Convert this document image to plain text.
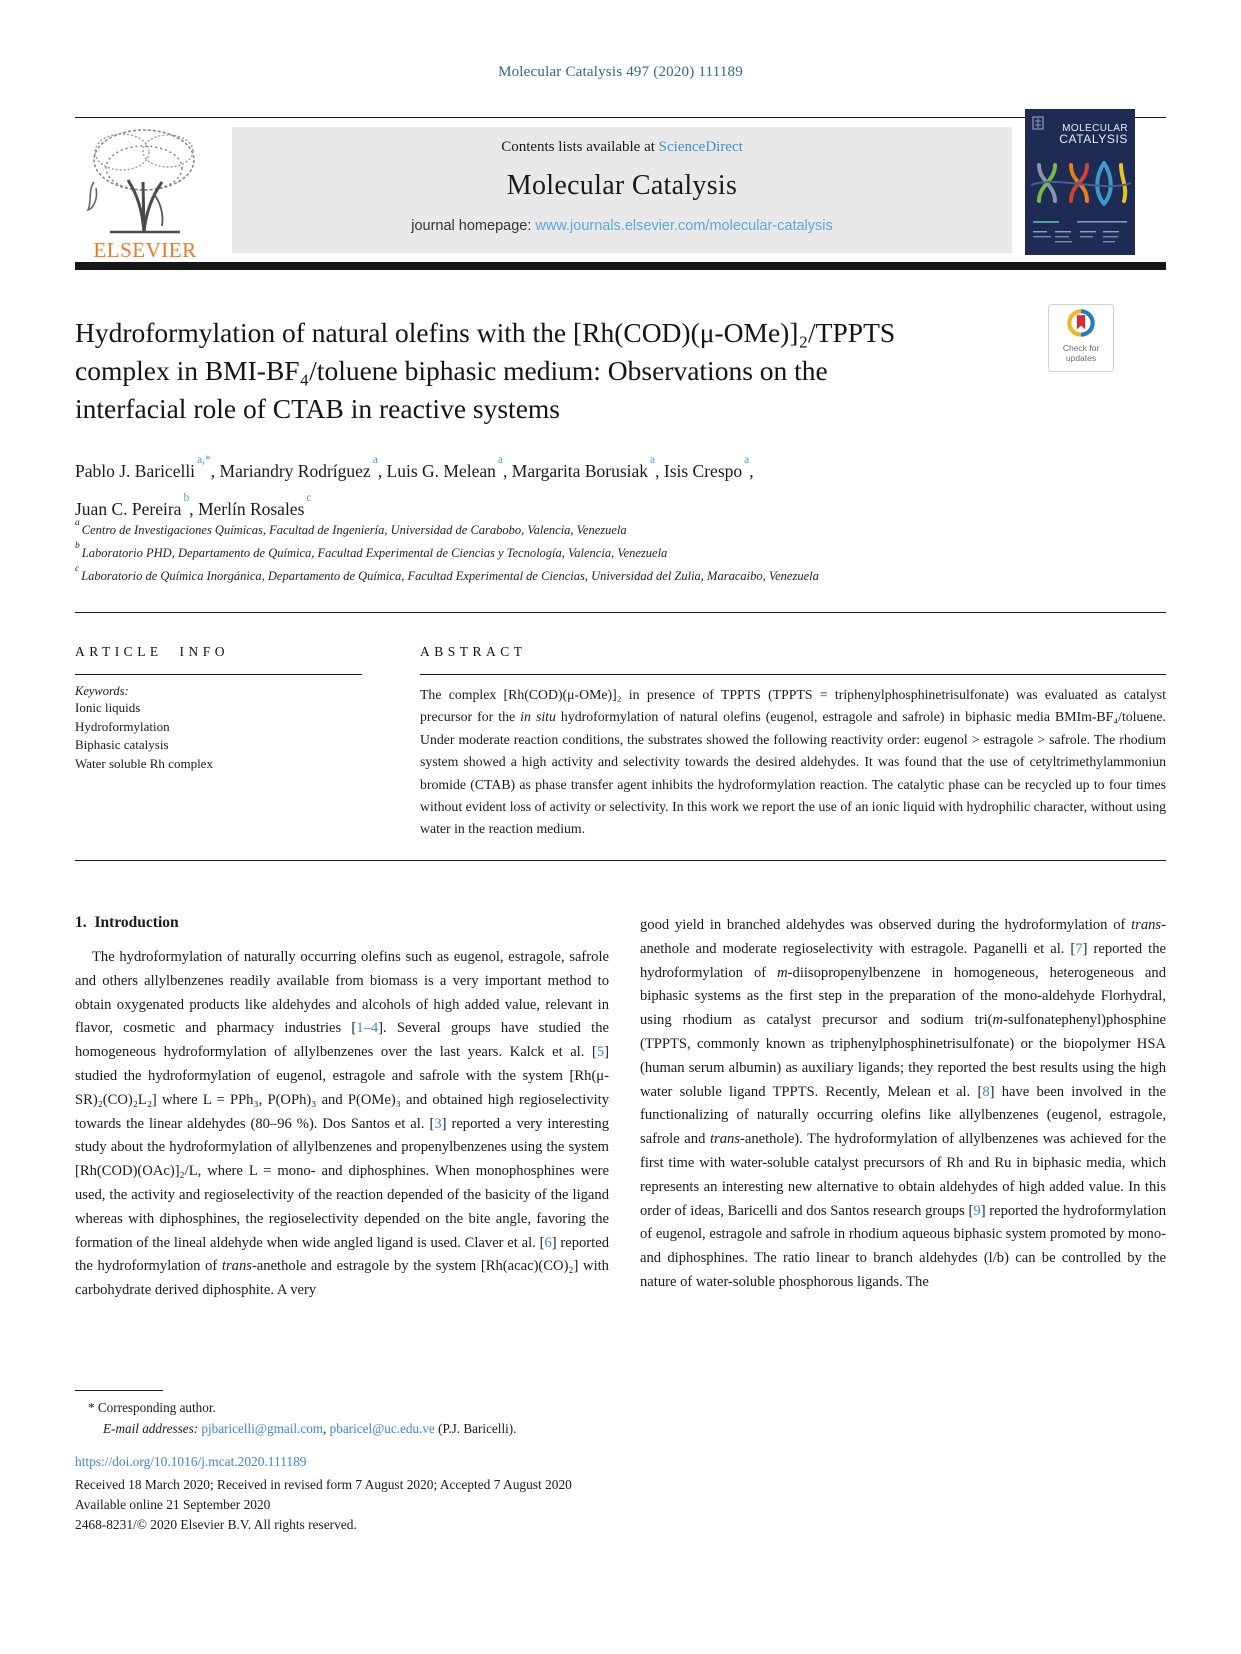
Molecular Catalysis 497 (2020) 111189
ELSEVIER
Contents lists available at ScienceDirect
Molecular Catalysis
journal homepage: www.journals.elsevier.com/molecular-catalysis
MOLECULAR
CATALYSIS
Check for
updates
Hydroformylation of natural olefins with the [Rh(COD)(μ-OMe)]₂/TPPTS
complex in BMI-BF₄/toluene biphasic medium: Observations on the
interfacial role of CTAB in reactive systems
Pablo J. Baricelli$^{a,*}$, Mariandry Rodríguez$^a$, Luis G. Melean$^a$, Margarita Borusiak$^a$, Isis Crespo$^a$,
Juan C. Pereira$^b$, Merlín Rosales$^c$
$^a$Centro de Investigaciones Químicas, Facultad de Ingeniería, Universidad de Carabobo, Valencia, Venezuela
$^b$Laboratorio PHD, Departamento de Química, Facultad Experimental de Ciencias y Tecnología, Valencia, Venezuela
$^c$Laboratorio de Química Inorgánica, Departamento de Química, Facultad Experimental de Ciencias, Universidad del Zulia, Maracaibo, Venezuela
ARTICLE INFO
Keywords:
Ionic liquids
Hydroformylation
Biphasic catalysis
Water soluble Rh complex
ABSTRACT
The complex [Rh(COD)(μ-OMe)]₂ in presence of TPPTS (TPPTS = triphenylphosphinetrisulfonate) was evaluated as catalyst precursor for the in situ hydroformylation of natural olefins (eugenol, estragole and safrole) in biphasic media BMIm-BF₄/toluene. Under moderate reaction conditions, the substrates showed the following reactivity order: eugenol > estragole > safrole. The rhodium system showed a high activity and selectivity towards the desired aldehydes. It was found that the use of cetyltrimethylammoniun bromide (CTAB) as phase transfer agent inhibits the hydroformylation reaction. The catalytic phase can be recycled up to four times without evident loss of activity or selectivity. In this work we report the use of an ionic liquid with hydrophilic character, without using water in the reaction medium.
1. Introduction
The hydroformylation of naturally occurring olefins such as eugenol, estragole, safrole and others allylbenzenes readily available from biomass is a very important method to obtain oxygenated products like aldehydes and alcohols of high added value, relevant in flavor, cosmetic and pharmacy industries [1–4]. Several groups have studied the homogeneous hydroformylation of allylbenzenes over the last years. Kalck et al. [5] studied the hydroformylation of eugenol, estragole and safrole with the system [Rh(μ-SR)₂(CO)₂L₂] where L = PPh₃, P(OPh)₃ and P(OMe)₃ and obtained high regioselectivity towards the linear aldehydes (80–96 %). Dos Santos et al. [3] reported a very interesting study about the hydroformylation of allylbenzenes and propenylbenzenes using the system [Rh(COD)(OAc)]₂/L, where L = mono- and diphosphines. When monophosphines were used, the activity and regioselectivity of the reaction depended of the basicity of the ligand whereas with diphosphines, the regioselectivity depended on the bite angle, favoring the formation of the lineal aldehyde when wide angled ligand is used. Claver et al. [6] reported the hydroformylation of trans-anethole and estragole by the system [Rh(acac)(CO)₂] with carbohydrate derived diphosphite. A very
good yield in branched aldehydes was observed during the hydroformylation of trans-anethole and moderate regioselectivity with estragole. Paganelli et al. [7] reported the hydroformylation of m-diisopropenylbenzene in homogeneous, heterogeneous and biphasic systems as the first step in the preparation of the mono-aldehyde Florhydral, using rhodium as catalyst precursor and sodium tri(m-sulfonatephenyl)phosphine (TPPTS, commonly known as triphenylphosphinetrisulfonate) or the biopolymer HSA (human serum albumin) as auxiliary ligands; they reported the best results using the high water soluble ligand TPPTS. Recently, Melean et al. [8] have been involved in the functionalizing of naturally occurring olefins like allylbenzenes (eugenol, estragole, safrole and trans-anethole). The hydroformylation of allylbenzenes was achieved for the first time with water-soluble catalyst precursors of Rh and Ru in biphasic media, which represents an interesting new alternative to obtain aldehydes of high added value. In this order of ideas, Baricelli and dos Santos research groups [9] reported the hydroformylation of eugenol, estragole and safrole in rhodium aqueous biphasic system promoted by mono- and diphosphines. The ratio linear to branch aldehydes (l/b) can be controlled by the nature of water-soluble phosphorous ligands. The
* Corresponding author.
E-mail addresses: pjbaricelli@gmail.com, pbaricel@uc.edu.ve (P.J. Baricelli).
https://doi.org/10.1016/j.mcat.2020.111189
Received 18 March 2020; Received in revised form 7 August 2020; Accepted 7 August 2020
Available online 21 September 2020
2468-8231/© 2020 Elsevier B.V. All rights reserved.
